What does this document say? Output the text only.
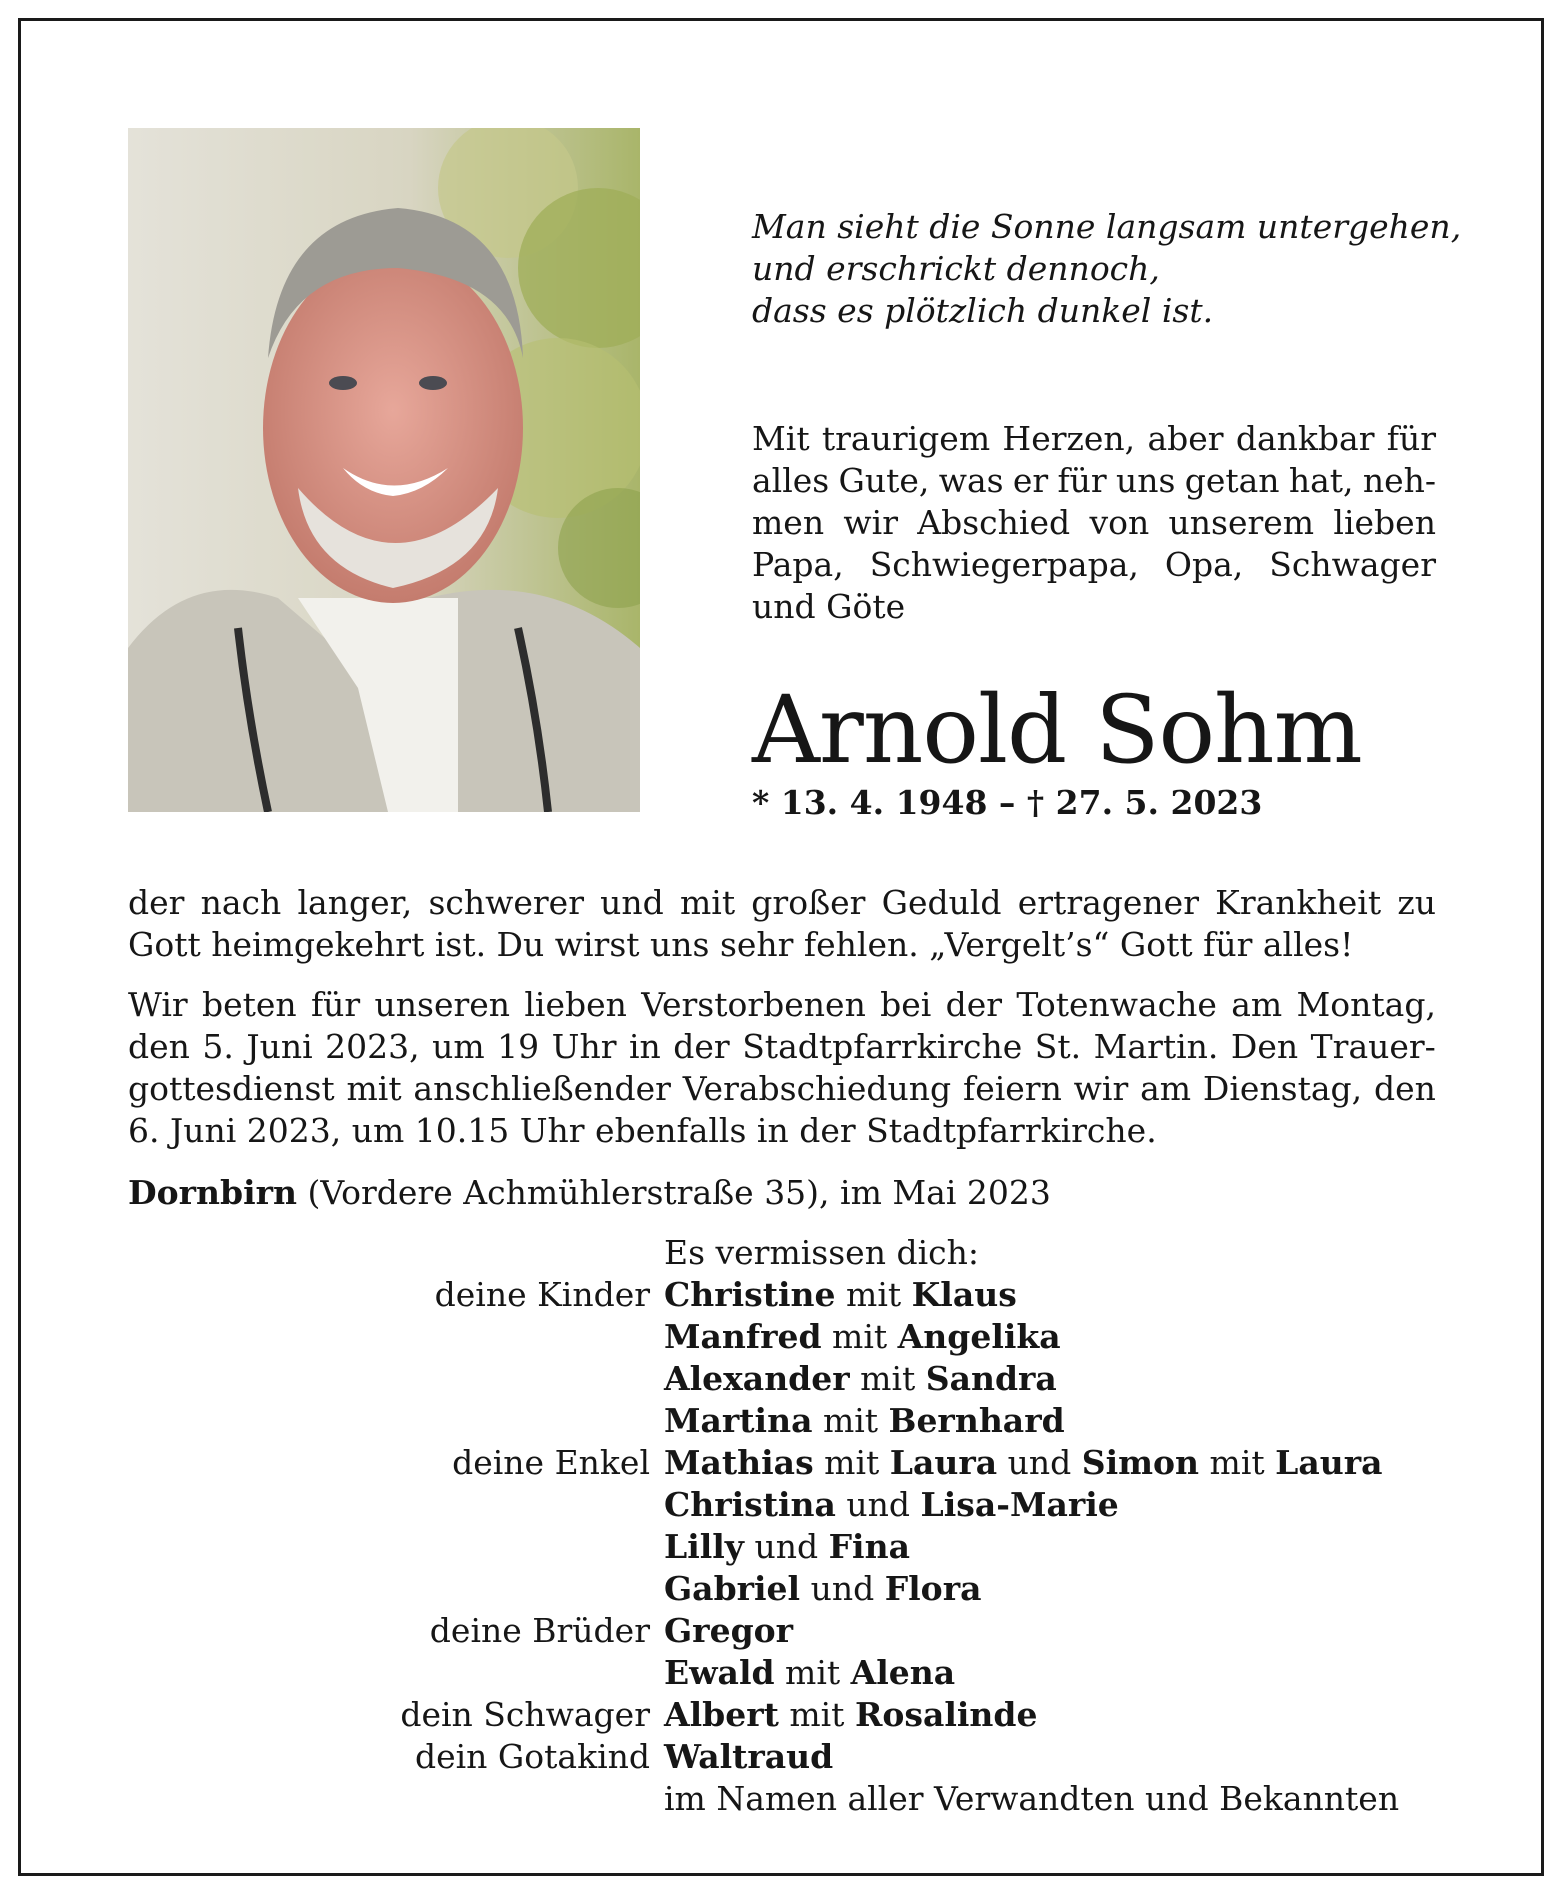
Man sieht die Sonne langsam untergehen,
und erschrickt dennoch,
dass es plötzlich dunkel ist.
Mit traurigem Herzen, aber dankbar für
alles Gute, was er für uns getan hat, neh-
men wir Abschied von unserem lieben
Papa, Schwiegerpapa, Opa, Schwager
und Göte
Arnold Sohm
* 13. 4. 1948 – † 27. 5. 2023
der nach langer, schwerer und mit großer Geduld ertragener Krankheit zu
Gott heimgekehrt ist. Du wirst uns sehr fehlen. „Vergelt’s“ Gott für alles!
Wir beten für unseren lieben Verstorbenen bei der Totenwache am Montag,
den 5. Juni 2023, um 19 Uhr in der Stadtpfarrkirche St. Martin. Den Trauer-
gottesdienst mit anschließender Verabschiedung feiern wir am Dienstag, den
6. Juni 2023, um 10.15 Uhr ebenfalls in der Stadtpfarrkirche.
Dornbirn (Vordere Achmühlerstraße 35), im Mai 2023
Es vermissen dich:
deine Kinder Christine mit Klaus
Manfred mit Angelika
Alexander mit Sandra
Martina mit Bernhard
deine Enkel Mathias mit Laura und Simon mit Laura
Christina und Lisa-Marie
Lilly und Fina
Gabriel und Flora
deine Brüder Gregor
Ewald mit Alena
dein Schwager Albert mit Rosalinde
dein Gotakind Waltraud
im Namen aller Verwandten und Bekannten
